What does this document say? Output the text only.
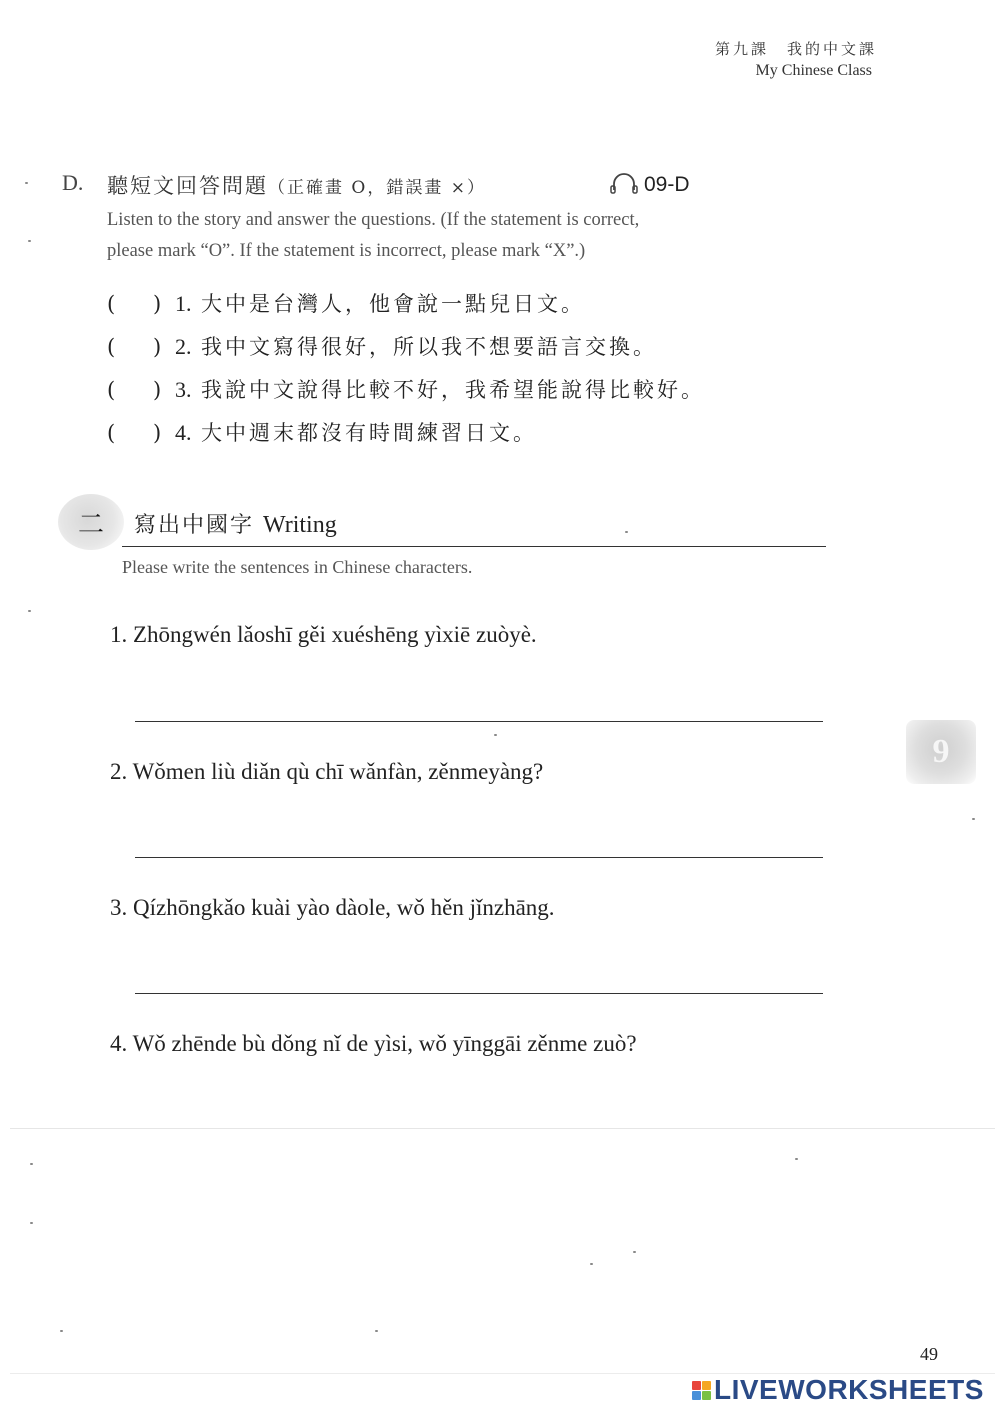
第九課　我的中文課
My Chinese Class
D. 聽短文回答問題（正確畫 O，錯誤畫 ×）	09-D
Listen to the story and answer the questions. (If the statement is correct,
please mark “O”. If the statement is incorrect, please mark “X”.)
(	) 1. 大中是台灣人，他會說一點兒日文。
(	) 2. 我中文寫得很好，所以我不想要語言交換。
(	) 3. 我說中文說得比較不好，我希望能說得比較好。
(	) 4. 大中週末都沒有時間練習日文。
二 寫出中國字 Writing
Please write the sentences in Chinese characters.
1. Zhōngwén lǎoshī gěi xuéshēng yìxiē zuòyè.
2. Wǒmen liù diǎn qù chī wǎnfàn, zěnmeyàng?
3. Qízhōngkǎo kuài yào dàole, wǒ hěn jǐnzhāng.
4. Wǒ zhēnde bù dǒng nǐ de yìsi, wǒ yīnggāi zěnme zuò?
9
49
LIVEWORKSHEETS
